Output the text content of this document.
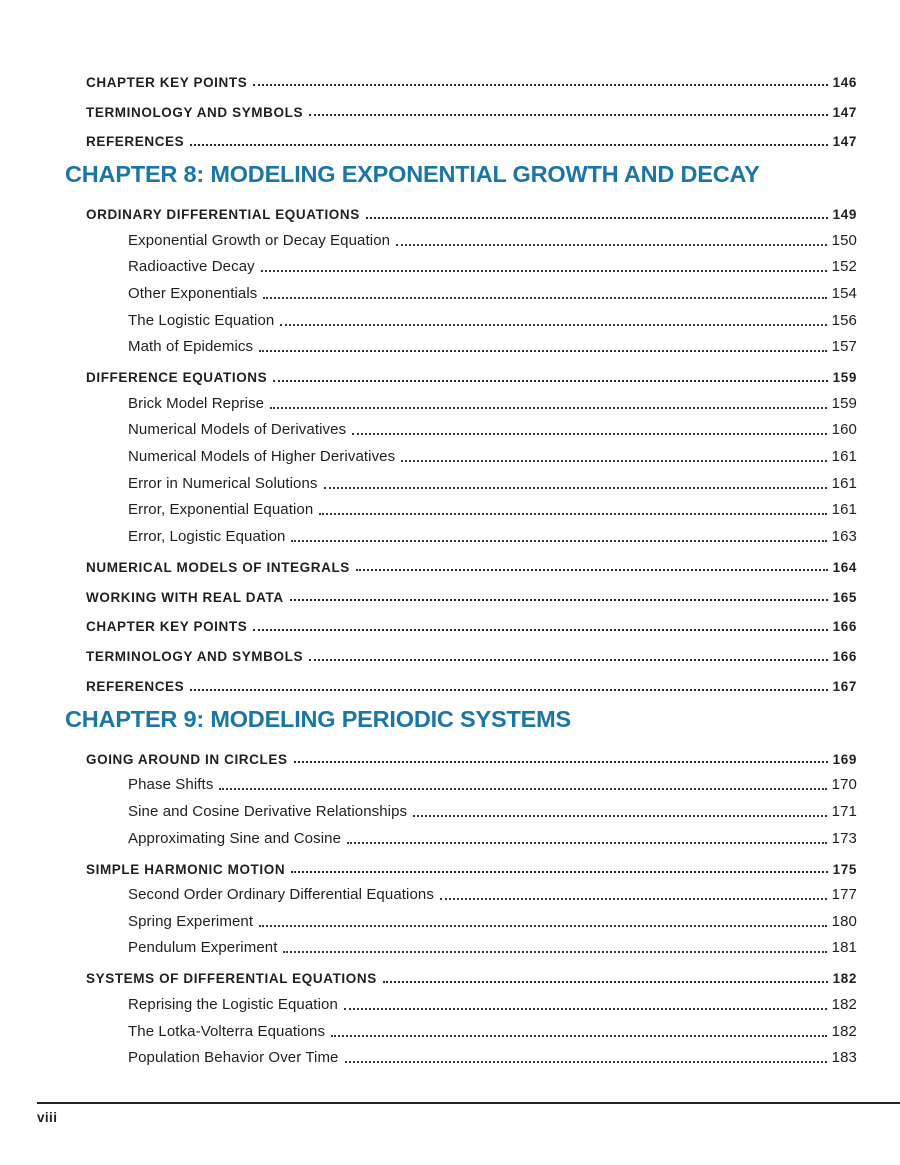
CHAPTER KEY POINTS	146
TERMINOLOGY AND SYMBOLS	147
REFERENCES	147
CHAPTER 8: MODELING EXPONENTIAL GROWTH AND DECAY
ORDINARY DIFFERENTIAL EQUATIONS	149
Exponential Growth or Decay Equation	150
Radioactive Decay	152
Other Exponentials	154
The Logistic Equation	156
Math of Epidemics	157
DIFFERENCE EQUATIONS	159
Brick Model Reprise	159
Numerical Models of Derivatives	160
Numerical Models of Higher Derivatives	161
Error in Numerical Solutions	161
Error, Exponential Equation	161
Error, Logistic Equation	163
NUMERICAL MODELS OF INTEGRALS	164
WORKING WITH REAL DATA	165
CHAPTER KEY POINTS	166
TERMINOLOGY AND SYMBOLS	166
REFERENCES	167
CHAPTER 9: MODELING PERIODIC SYSTEMS
GOING AROUND IN CIRCLES	169
Phase Shifts	170
Sine and Cosine Derivative Relationships	171
Approximating Sine and Cosine	173
SIMPLE HARMONIC MOTION	175
Second Order Ordinary Differential Equations	177
Spring Experiment	180
Pendulum Experiment	181
SYSTEMS OF DIFFERENTIAL EQUATIONS	182
Reprising the Logistic Equation	182
The Lotka-Volterra Equations	182
Population Behavior Over Time	183
viii
